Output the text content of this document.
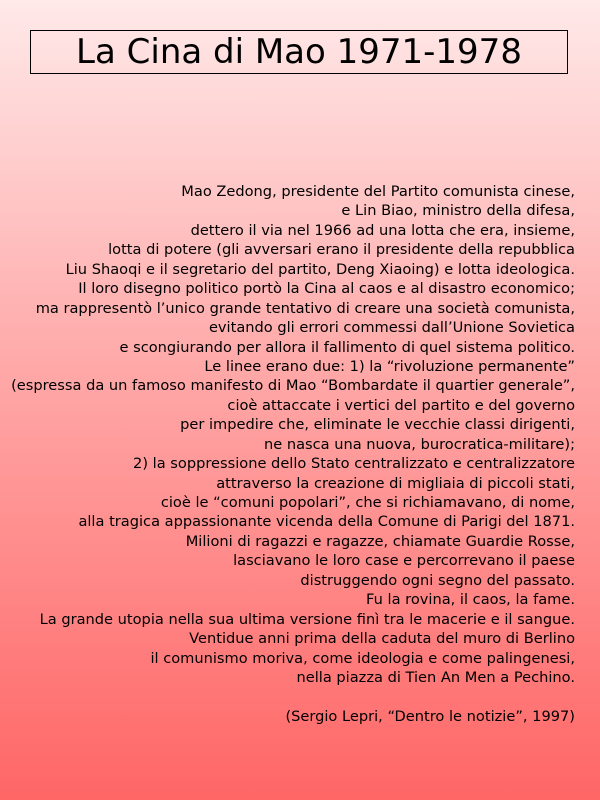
La Cina di Mao 1971-1978
Mao Zedong, presidente del Partito comunista cinese,
e Lin Biao, ministro della difesa,
dettero il via nel 1966 ad una lotta che era, insieme,
lotta di potere (gli avversari erano il presidente della repubblica
Liu Shaoqi e il segretario del partito, Deng Xiaoing) e lotta ideologica.
Il loro disegno politico portò la Cina al caos e al disastro economico;
ma rappresentò l’unico grande tentativo di creare una società comunista,
evitando gli errori commessi dall’Unione Sovietica
e scongiurando per allora il fallimento di quel sistema politico.
Le linee erano due: 1) la “rivoluzione permanente”
(espressa da un famoso manifesto di Mao “Bombardate il quartier generale”,
cioè attaccate i vertici del partito e del governo
per impedire che, eliminate le vecchie classi dirigenti,
ne nasca una nuova, burocratica-militare);
2) la soppressione dello Stato centralizzato e centralizzatore
attraverso la creazione di migliaia di piccoli stati,
cioè le “comuni popolari”, che si richiamavano, di nome,
alla tragica appassionante vicenda della Comune di Parigi del 1871.
Milioni di ragazzi e ragazze, chiamate Guardie Rosse,
lasciavano le loro case e percorrevano il paese
distruggendo ogni segno del passato.
Fu la rovina, il caos, la fame.
La grande utopia nella sua ultima versione finì tra le macerie e il sangue.
Ventidue anni prima della caduta del muro di Berlino
il comunismo moriva, come ideologia e come palingenesi,
nella piazza di Tien An Men a Pechino.
(Sergio Lepri, “Dentro le notizie”, 1997)
